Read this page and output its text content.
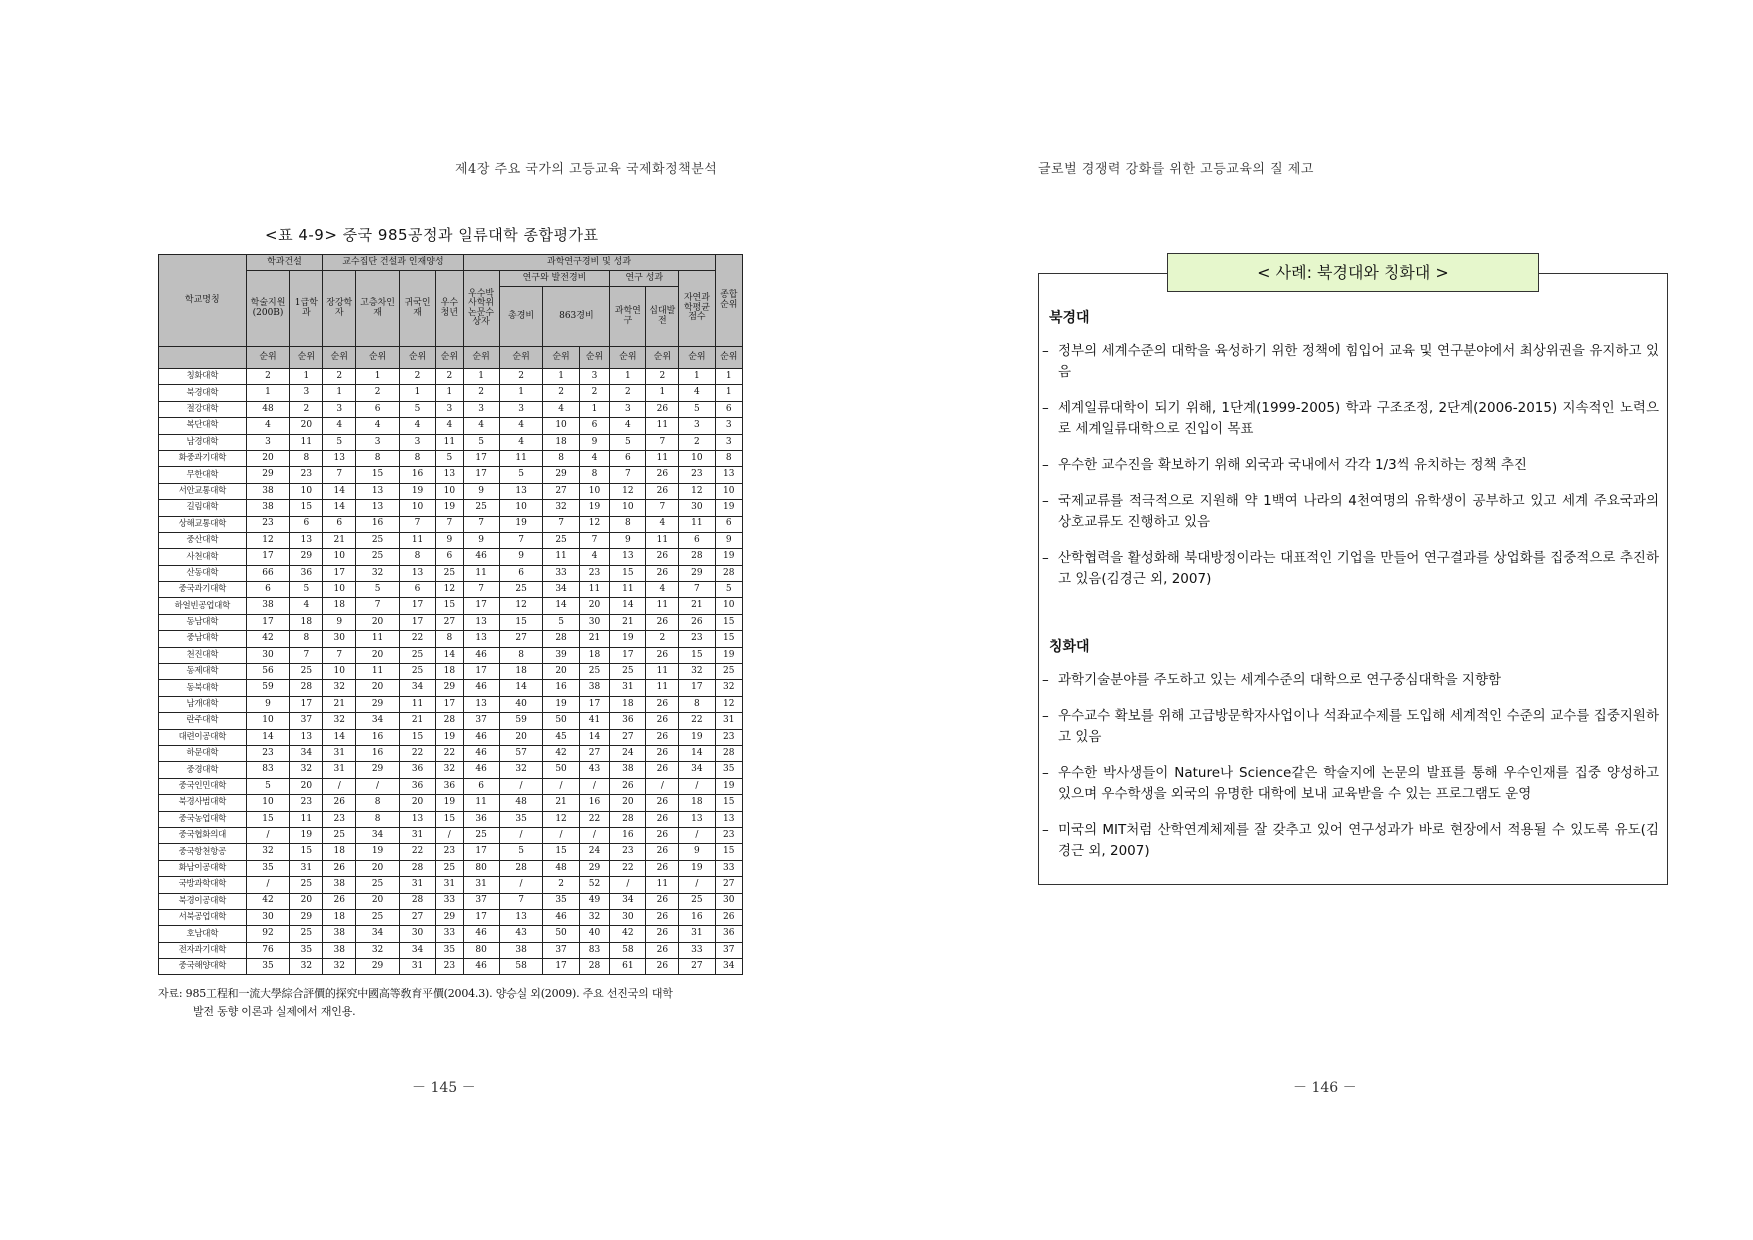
제4장 주요 국가의 고등교육 국제화정책분석	글로벌 경쟁력 강화를 위한 고등교육의 질 제고
<표 4-9> 중국 985공정과 일류대학 종합평가표
학교명칭	학과건설		교수집단 건설과 인재양성				과학연구경비 및 성과							종합순위
	학술지원(200B)	1급학과	장강학자	고층차인재	귀국인재	우수청년	우수박사학위논문수상자	연구와 발전경비			연구 성과		자연과학평균점수	
								총경비	863경비		과학연구	십대발전		
	순위	순위	순위	순위	순위	순위	순위	순위	순위	순위	순위	순위	순위	순위
칭화대학	2	1	2	1	2	2	1	2	1	3	1	2	1	1
북경대학	1	3	1	2	1	1	2	1	2	2	2	1	4	1
절강대학	48	2	3	6	5	3	3	3	4	1	3	26	5	6
복단대학	4	20	4	4	4	4	4	4	10	6	4	11	3	3
남경대학	3	11	5	3	3	11	5	4	18	9	5	7	2	3
화중과기대학	20	8	13	8	8	5	17	11	8	4	6	11	10	8
무한대학	29	23	7	15	16	13	17	5	29	8	7	26	23	13
서안교통대학	38	10	14	13	19	10	9	13	27	10	12	26	12	10
길림대학	38	15	14	13	10	19	25	10	32	19	10	7	30	19
상해교통대학	23	6	6	16	7	7	7	19	7	12	8	4	11	6
중산대학	12	13	21	25	11	9	9	7	25	7	9	11	6	9
사천대학	17	29	10	25	8	6	46	9	11	4	13	26	28	19
산동대학	66	36	17	32	13	25	11	6	33	23	15	26	29	28
중국과기대학	6	5	10	5	6	12	7	25	34	11	11	4	7	5
하얼빈공업대학	38	4	18	7	17	15	17	12	14	20	14	11	21	10
동남대학	17	18	9	20	17	27	13	15	5	30	21	26	26	15
중남대학	42	8	30	11	22	8	13	27	28	21	19	2	23	15
천진대학	30	7	7	20	25	14	46	8	39	18	17	26	15	19
동제대학	56	25	10	11	25	18	17	18	20	25	25	11	32	25
동북대학	59	28	32	20	34	29	46	14	16	38	31	11	17	32
남개대학	9	17	21	29	11	17	13	40	19	17	18	26	8	12
란주대학	10	37	32	34	21	28	37	59	50	41	36	26	22	31
대련이공대학	14	13	14	16	15	19	46	20	45	14	27	26	19	23
하문대학	23	34	31	16	22	22	46	57	42	27	24	26	14	28
중경대학	83	32	31	29	36	32	46	32	50	43	38	26	34	35
중국인민대학	5	20	/	/	36	36	6	/	/	/	26	/	/	19
북경사범대학	10	23	26	8	20	19	11	48	21	16	20	26	18	15
중국농업대학	15	11	23	8	13	15	36	35	12	22	28	26	13	13
중국협화의대	/	19	25	34	31	/	25	/	/	/	16	26	/	23
중국항천항공	32	15	18	19	22	23	17	5	15	24	23	26	9	15
화남이공대학	35	31	26	20	28	25	80	28	48	29	22	26	19	33
국방과학대학	/	25	38	25	31	31	31	/	2	52	/	11	/	27
북경이공대학	42	20	26	20	28	33	37	7	35	49	34	26	25	30
서북공업대학	30	29	18	25	27	29	17	13	46	32	30	26	16	26
호남대학	92	25	38	34	30	33	46	43	50	40	42	26	31	36
전자과기대학	76	35	38	32	34	35	80	38	37	83	58	26	33	37
중국해양대학	35	32	32	29	31	23	46	58	17	28	61	26	27	34
자료: 985工程和一流大學綜合評價的探究中國高等敎育平價(2004.3). 양승실 외(2009). 주요 선진국의 대학
발전 동향 이론과 실제에서 재인용.
< 사례: 북경대와 칭화대 >
북경대
– 정부의 세계수준의 대학을 육성하기 위한 정책에 힘입어 교육 및 연구분야에서 최상위권을 유지하고 있음
– 세계일류대학이 되기 위해, 1단계(1999-2005) 학과 구조조정, 2단계(2006-2015) 지속적인 노력으로 세계일류대학으로 진입이 목표
– 우수한 교수진을 확보하기 위해 외국과 국내에서 각각 1/3씩 유치하는 정책 추진
– 국제교류를 적극적으로 지원해 약 1백여 나라의 4천여명의 유학생이 공부하고 있고 세계 주요국과의 상호교류도 진행하고 있음
– 산학협력을 활성화해 북대방정이라는 대표적인 기업을 만들어 연구결과를 상업화를 집중적으로 추진하고 있음(김경근 외, 2007)
칭화대
– 과학기술분야를 주도하고 있는 세계수준의 대학으로 연구중심대학을 지향함
– 우수교수 확보를 위해 고급방문학자사업이나 석좌교수제를 도입해 세계적인 수준의 교수를 집중지원하고 있음
– 우수한 박사생들이 Nature나 Science같은 학술지에 논문의 발표를 통해 우수인재를 집중 양성하고 있으며 우수학생을 외국의 유명한 대학에 보내 교육받을 수 있는 프로그램도 운영
– 미국의 MIT처럼 산학연계체제를 잘 갖추고 있어 연구성과가 바로 현장에서 적용될 수 있도록 유도(김경근 외, 2007)
－ 145 －	－ 146 －
